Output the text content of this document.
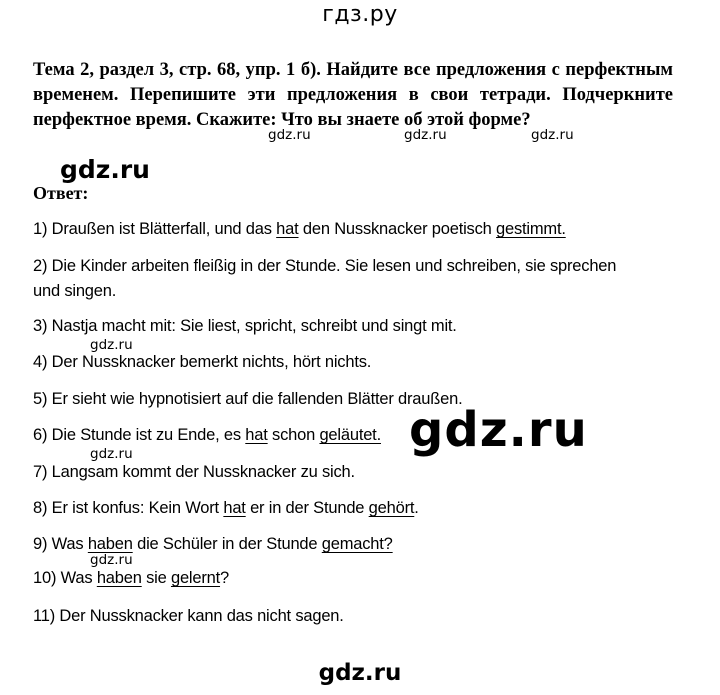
гдз.ру
Тема 2, раздел 3, стр. 68, упр. 1 б). Найдите все предложения с перфектным временем. Перепишите эти предложения в свои тетради. Подчеркните перфектное время. Скажите: Что вы знаете об этой форме?
gdz.ru	gdz.ru	gdz.ru
gdz.ru
Ответ:
1) Draußen ist Blätterfall, und das hat den Nussknacker poetisch gestimmt.
2) Die Kinder arbeiten fleißig in der Stunde. Sie lesen und schreiben, sie sprechen
und singen.
3) Nastja macht mit: Sie liest, spricht, schreibt und singt mit.
gdz.ru
4) Der Nussknacker bemerkt nichts, hört nichts.
5) Er sieht wie hypnotisiert auf die fallenden Blätter draußen.
6) Die Stunde ist zu Ende, es hat schon geläutet. gdz.ru
gdz.ru
7) Langsam kommt der Nussknacker zu sich.
8) Er ist konfus: Kein Wort hat er in der Stunde gehört.
9) Was haben die Schüler in der Stunde gemacht?
gdz.ru
10) Was haben sie gelernt?
11) Der Nussknacker kann das nicht sagen.
gdz.ru
